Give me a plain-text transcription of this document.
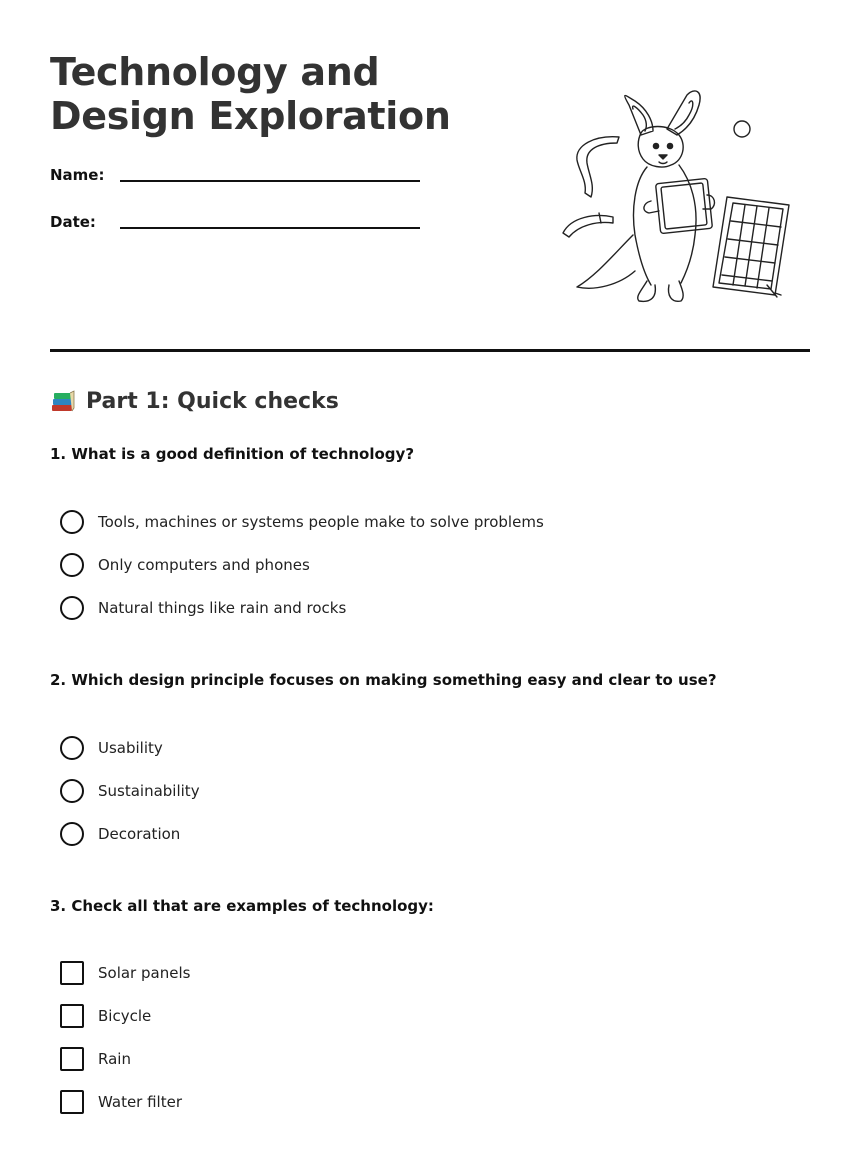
Technology and Design Exploration
Name:
Date:
Part 1: Quick checks

1. What is a good definition of technology?

Tools, machines or systems people make to solve problems
Only computers and phones
Natural things like rain and rocks

2. Which design principle focuses on making something easy and clear to use?

Usability
Sustainability
Decoration

3. Check all that are examples of technology:

Solar panels
Bicycle
Rain
Water filter
